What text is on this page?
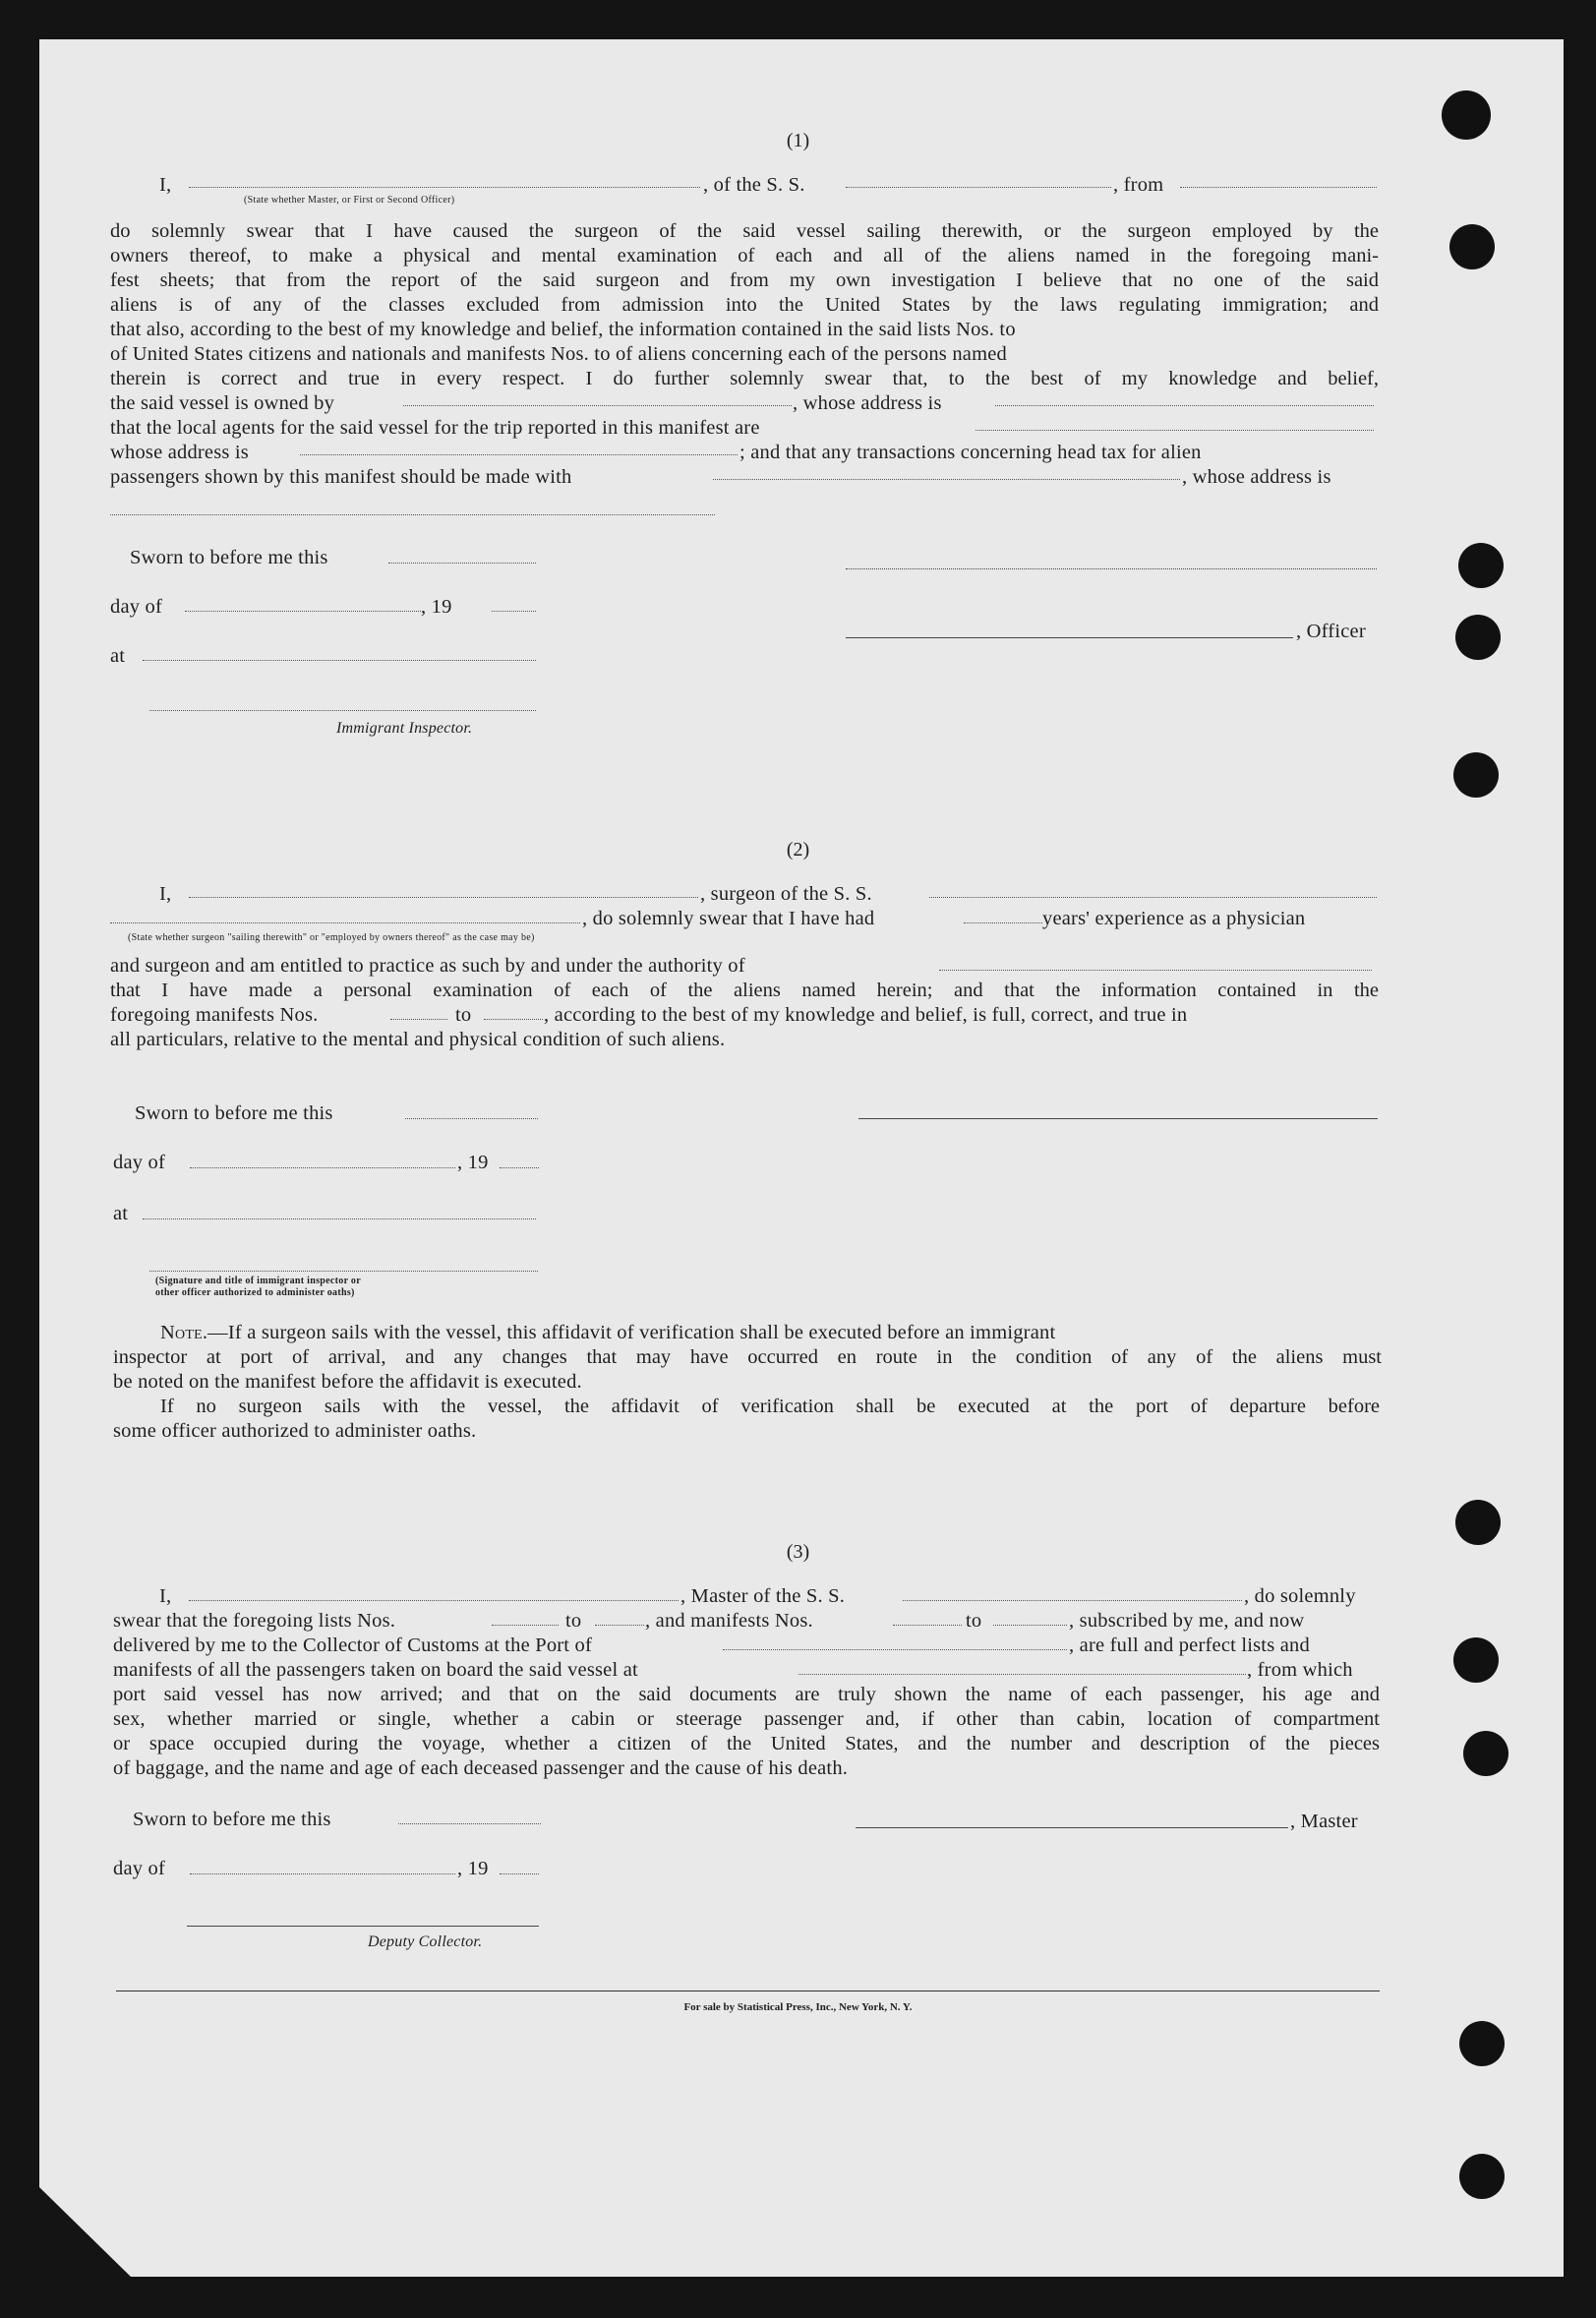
(1)
I,
(State whether Master, or First or Second Officer)
, of the S. S.	, from
do solemnly swear that I have caused the surgeon of the said vessel sailing therewith, or the surgeon employed by the
owners thereof, to make a physical and mental examination of each and all of the aliens named in the foregoing mani-
fest sheets; that from the report of the said surgeon and from my own investigation I believe that no one of the said
aliens is of any of the classes excluded from admission into the United States by the laws regulating immigration; and
that also, according to the best of my knowledge and belief, the information contained in the said lists Nos. to
of United States citizens and nationals and manifests Nos. to of aliens concerning each of the persons named
therein is correct and true in every respect. I do further solemnly swear that, to the best of my knowledge and belief,
the said vessel is owned by	, whose address is
that the local agents for the said vessel for the trip reported in this manifest are
whose address is	; and that any transactions concerning head tax for alien
passengers shown by this manifest should be made with	, whose address is
Sworn to before me this
day of	, 19
at
, Officer
Immigrant Inspector.
(2)
I,	, surgeon of the S. S.
, do solemnly swear that I have had	years' experience as a physician
(State whether surgeon "sailing therewith" or "employed by owners thereof" as the case may be)
and surgeon and am entitled to practice as such by and under the authority of
that I have made a personal examination of each of the aliens named herein; and that the information contained in the
foregoing manifests Nos.	to	, according to the best of my knowledge and belief, is full, correct, and true in
all particulars, relative to the mental and physical condition of such aliens.
Sworn to before me this
day of	, 19
at
(Signature and title of immigrant inspector or
other officer authorized to administer oaths)
Note.—If a surgeon sails with the vessel, this affidavit of verification shall be executed before an immigrant
inspector at port of arrival, and any changes that may have occurred en route in the condition of any of the aliens must
be noted on the manifest before the affidavit is executed.
If no surgeon sails with the vessel, the affidavit of verification shall be executed at the port of departure before
some officer authorized to administer oaths.
(3)
I,	, Master of the S. S.	, do solemnly
swear that the foregoing lists Nos.	to	, and manifests Nos.	to	, subscribed by me, and now
delivered by me to the Collector of Customs at the Port of	, are full and perfect lists and
manifests of all the passengers taken on board the said vessel at	, from which
port said vessel has now arrived; and that on the said documents are truly shown the name of each passenger, his age and
sex, whether married or single, whether a cabin or steerage passenger and, if other than cabin, location of compartment
or space occupied during the voyage, whether a citizen of the United States, and the number and description of the pieces
of baggage, and the name and age of each deceased passenger and the cause of his death.
Sworn to before me this	, Master
day of	, 19
Deputy Collector.
For sale by Statistical Press, Inc., New York, N. Y.
